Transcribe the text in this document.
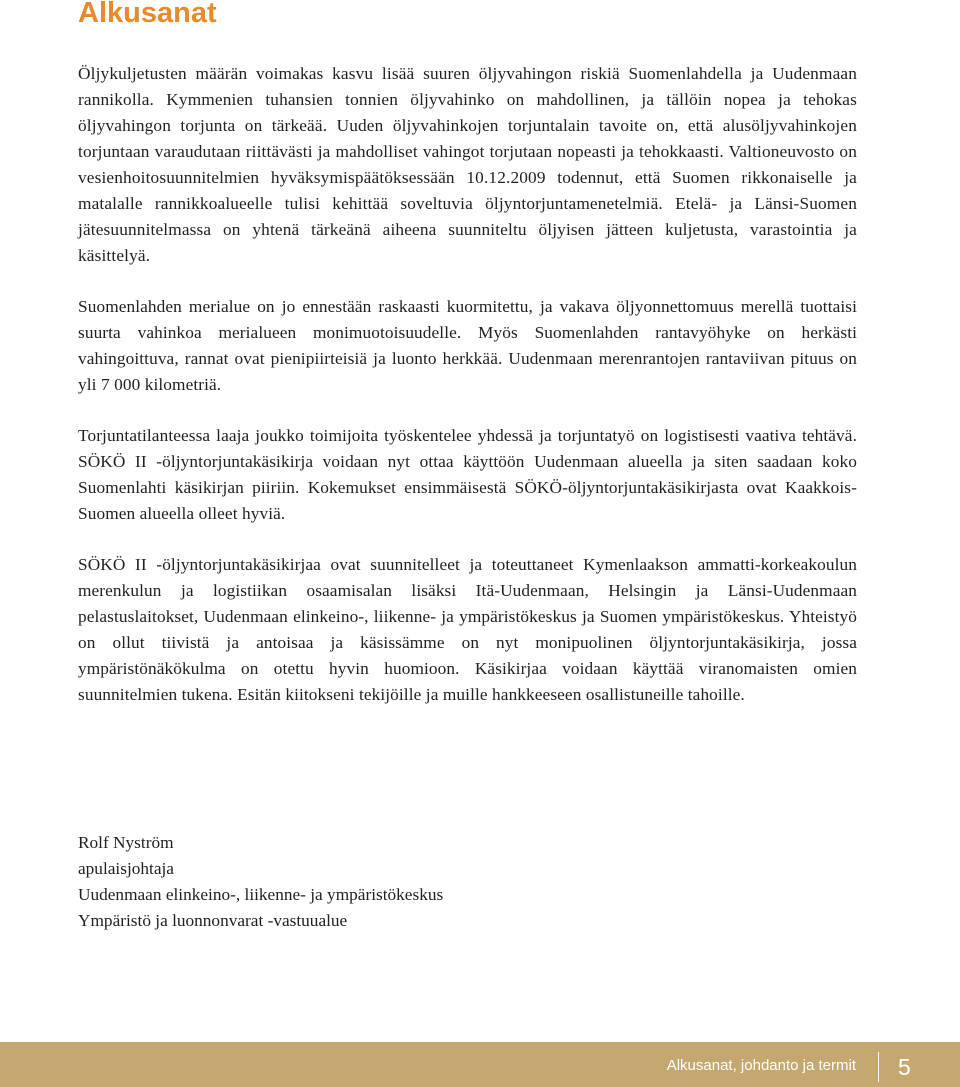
Alkusanat

Öljykuljetusten määrän voimakas kasvu lisää suuren öljyvahingon riskiä Suomenlahdella ja Uudenmaan rannikolla. Kymmenien tuhansien tonnien öljyvahinko on mahdollinen, ja tällöin nopea ja tehokas öljyvahingon torjunta on tärkeää. Uuden öljyvahinkojen torjuntalain tavoite on, että alusöljyvahinkojen torjuntaan varaudutaan riittävästi ja mahdolliset vahingot torjutaan nopeasti ja tehokkaasti. Valtioneuvosto on vesienhoitosuunnitelmien hyväksymispäätöksessään 10.12.2009 todennut, että Suomen rikkonaiselle ja matalalle rannikkoalueelle tulisi kehittää soveltuvia öljyntorjuntamenetelmiä. Etelä- ja Länsi-Suomen jätesuunnitelmassa on yhtenä tärkeänä aiheena suunniteltu öljyisen jätteen kuljetusta, varastointia ja käsittelyä.

Suomenlahden merialue on jo ennestään raskaasti kuormitettu, ja vakava öljyonnettomuus merellä tuottaisi suurta vahinkoa merialueen monimuotoisuudelle. Myös Suomenlahden rantavyöhyke on herkästi vahingoittuva, rannat ovat pienipiirteisiä ja luonto herkkää. Uudenmaan merenrantojen rantaviivan pituus on yli 7 000 kilometriä.

Torjuntatilanteessa laaja joukko toimijoita työskentelee yhdessä ja torjuntatyö on logistisesti vaativa tehtävä. SÖKÖ II -öljyntorjuntakäsikirja voidaan nyt ottaa käyttöön Uudenmaan alueella ja siten saadaan koko Suomenlahti käsikirjan piiriin. Kokemukset ensimmäisestä SÖKÖ-öljyntorjuntakäsikirjasta ovat Kaakkois-Suomen alueella olleet hyviä.

SÖKÖ II -öljyntorjuntakäsikirjaa ovat suunnitelleet ja toteuttaneet Kymenlaakson ammatti-korkeakoulun merenkulun ja logistiikan osaamisalan lisäksi Itä-Uudenmaan, Helsingin ja Länsi-Uudenmaan pelastuslaitokset, Uudenmaan elinkeino-, liikenne- ja ympäristökeskus ja Suomen ympäristökeskus. Yhteistyö on ollut tiivistä ja antoisaa ja käsissämme on nyt monipuolinen öljyntorjuntakäsikirja, jossa ympäristönäkökulma on otettu hyvin huomioon. Käsikirjaa voidaan käyttää viranomaisten omien suunnitelmien tukena. Esitän kiitokseni tekijöille ja muille hankkeeseen osallistuneille tahoille.

Rolf Nyström
apulaisjohtaja
Uudenmaan elinkeino-, liikenne- ja ympäristökeskus
Ympäristö ja luonnonvarat -vastuualue
Alkusanat, johdanto ja termit 5
